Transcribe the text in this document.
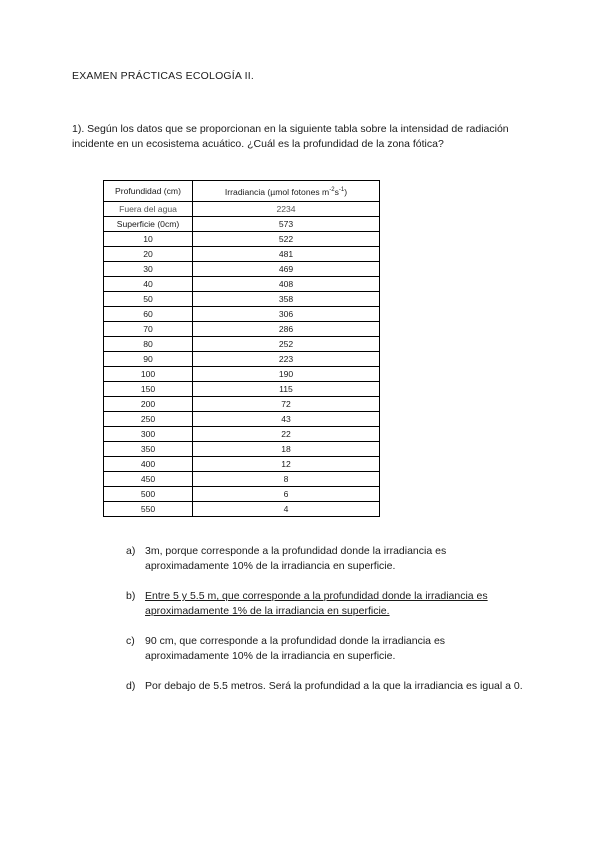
EXAMEN PRÁCTICAS ECOLOGÍA II.

1). Según los datos que se proporcionan en la siguiente tabla sobre la intensidad de radiación incidente en un ecosistema acuático. ¿Cuál es la profundidad de la zona fótica?

Profundidad (cm)	Irradiancia (µmol fotones $m^{-2}s^{-1}$)
Fuera del agua	2234
Superficie (0cm)	573
10	522
20	481
30	469
40	408
50	358
60	306
70	286
80	252
90	223
100	190
150	115
200	72
250	43
300	22
350	18
400	12
450	8
500	6
550	4
a) 3m, porque corresponde a la profundidad donde la irradiancia es aproximadamente 10% de la irradiancia en superficie.
b) Entre 5 y 5.5 m, que corresponde a la profundidad donde la irradiancia es aproximadamente 1% de la irradiancia en superficie.
c) 90 cm, que corresponde a la profundidad donde la irradiancia es aproximadamente 10% de la irradiancia en superficie.
d) Por debajo de 5.5 metros. Será la profundidad a la que la irradiancia es igual a 0.
